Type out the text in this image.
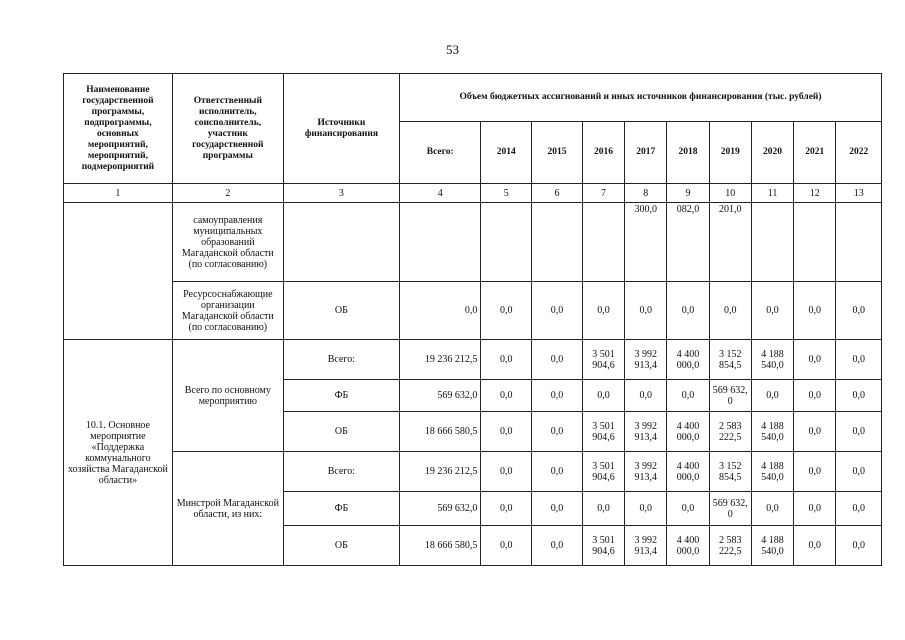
53
Наименование государственной программы, подпрограммы, основных мероприятий, мероприятий, подмероприятий	Ответственный исполнитель, соисполнитель, участник государственной программы	Источники финансирования	Объем бюджетных ассигнований и иных источников финансирования (тыс. рублей)									
			Всего:	2014	2015	2016	2017	2018	2019	2020	2021	2022
1	2	3	4	5	6	7	8	9	10	11	12	13
	самоуправления муниципальных образований Магаданской области (по согласованию)						300,0	082,0	201,0			
	Ресурсоснабжающие организации Магаданской области (по согласованию)	ОБ	0,0	0,0	0,0	0,0	0,0	0,0	0,0	0,0	0,0	0,0
10.1. Основное мероприятие «Поддержка коммунального хозяйства Магаданской области»	Всего по основному мероприятию	Всего:	19 236 212,5	0,0	0,0	3 501 904,6	3 992 913,4	4 400 000,0	3 152 854,5	4 188 540,0	0,0	0,0
		ФБ	569 632,0	0,0	0,0	0,0	0,0	0,0	569 632, 0	0,0	0,0	0,0
		ОБ	18 666 580,5	0,0	0,0	3 501 904,6	3 992 913,4	4 400 000,0	2 583 222,5	4 188 540,0	0,0	0,0
	Минстрой Магаданской области, из них:	Всего:	19 236 212,5	0,0	0,0	3 501 904,6	3 992 913,4	4 400 000,0	3 152 854,5	4 188 540,0	0,0	0,0
		ФБ	569 632,0	0,0	0,0	0,0	0,0	0,0	569 632, 0	0,0	0,0	0,0
		ОБ	18 666 580,5	0,0	0,0	3 501 904,6	3 992 913,4	4 400 000,0	2 583 222,5	4 188 540,0	0,0	0,0
